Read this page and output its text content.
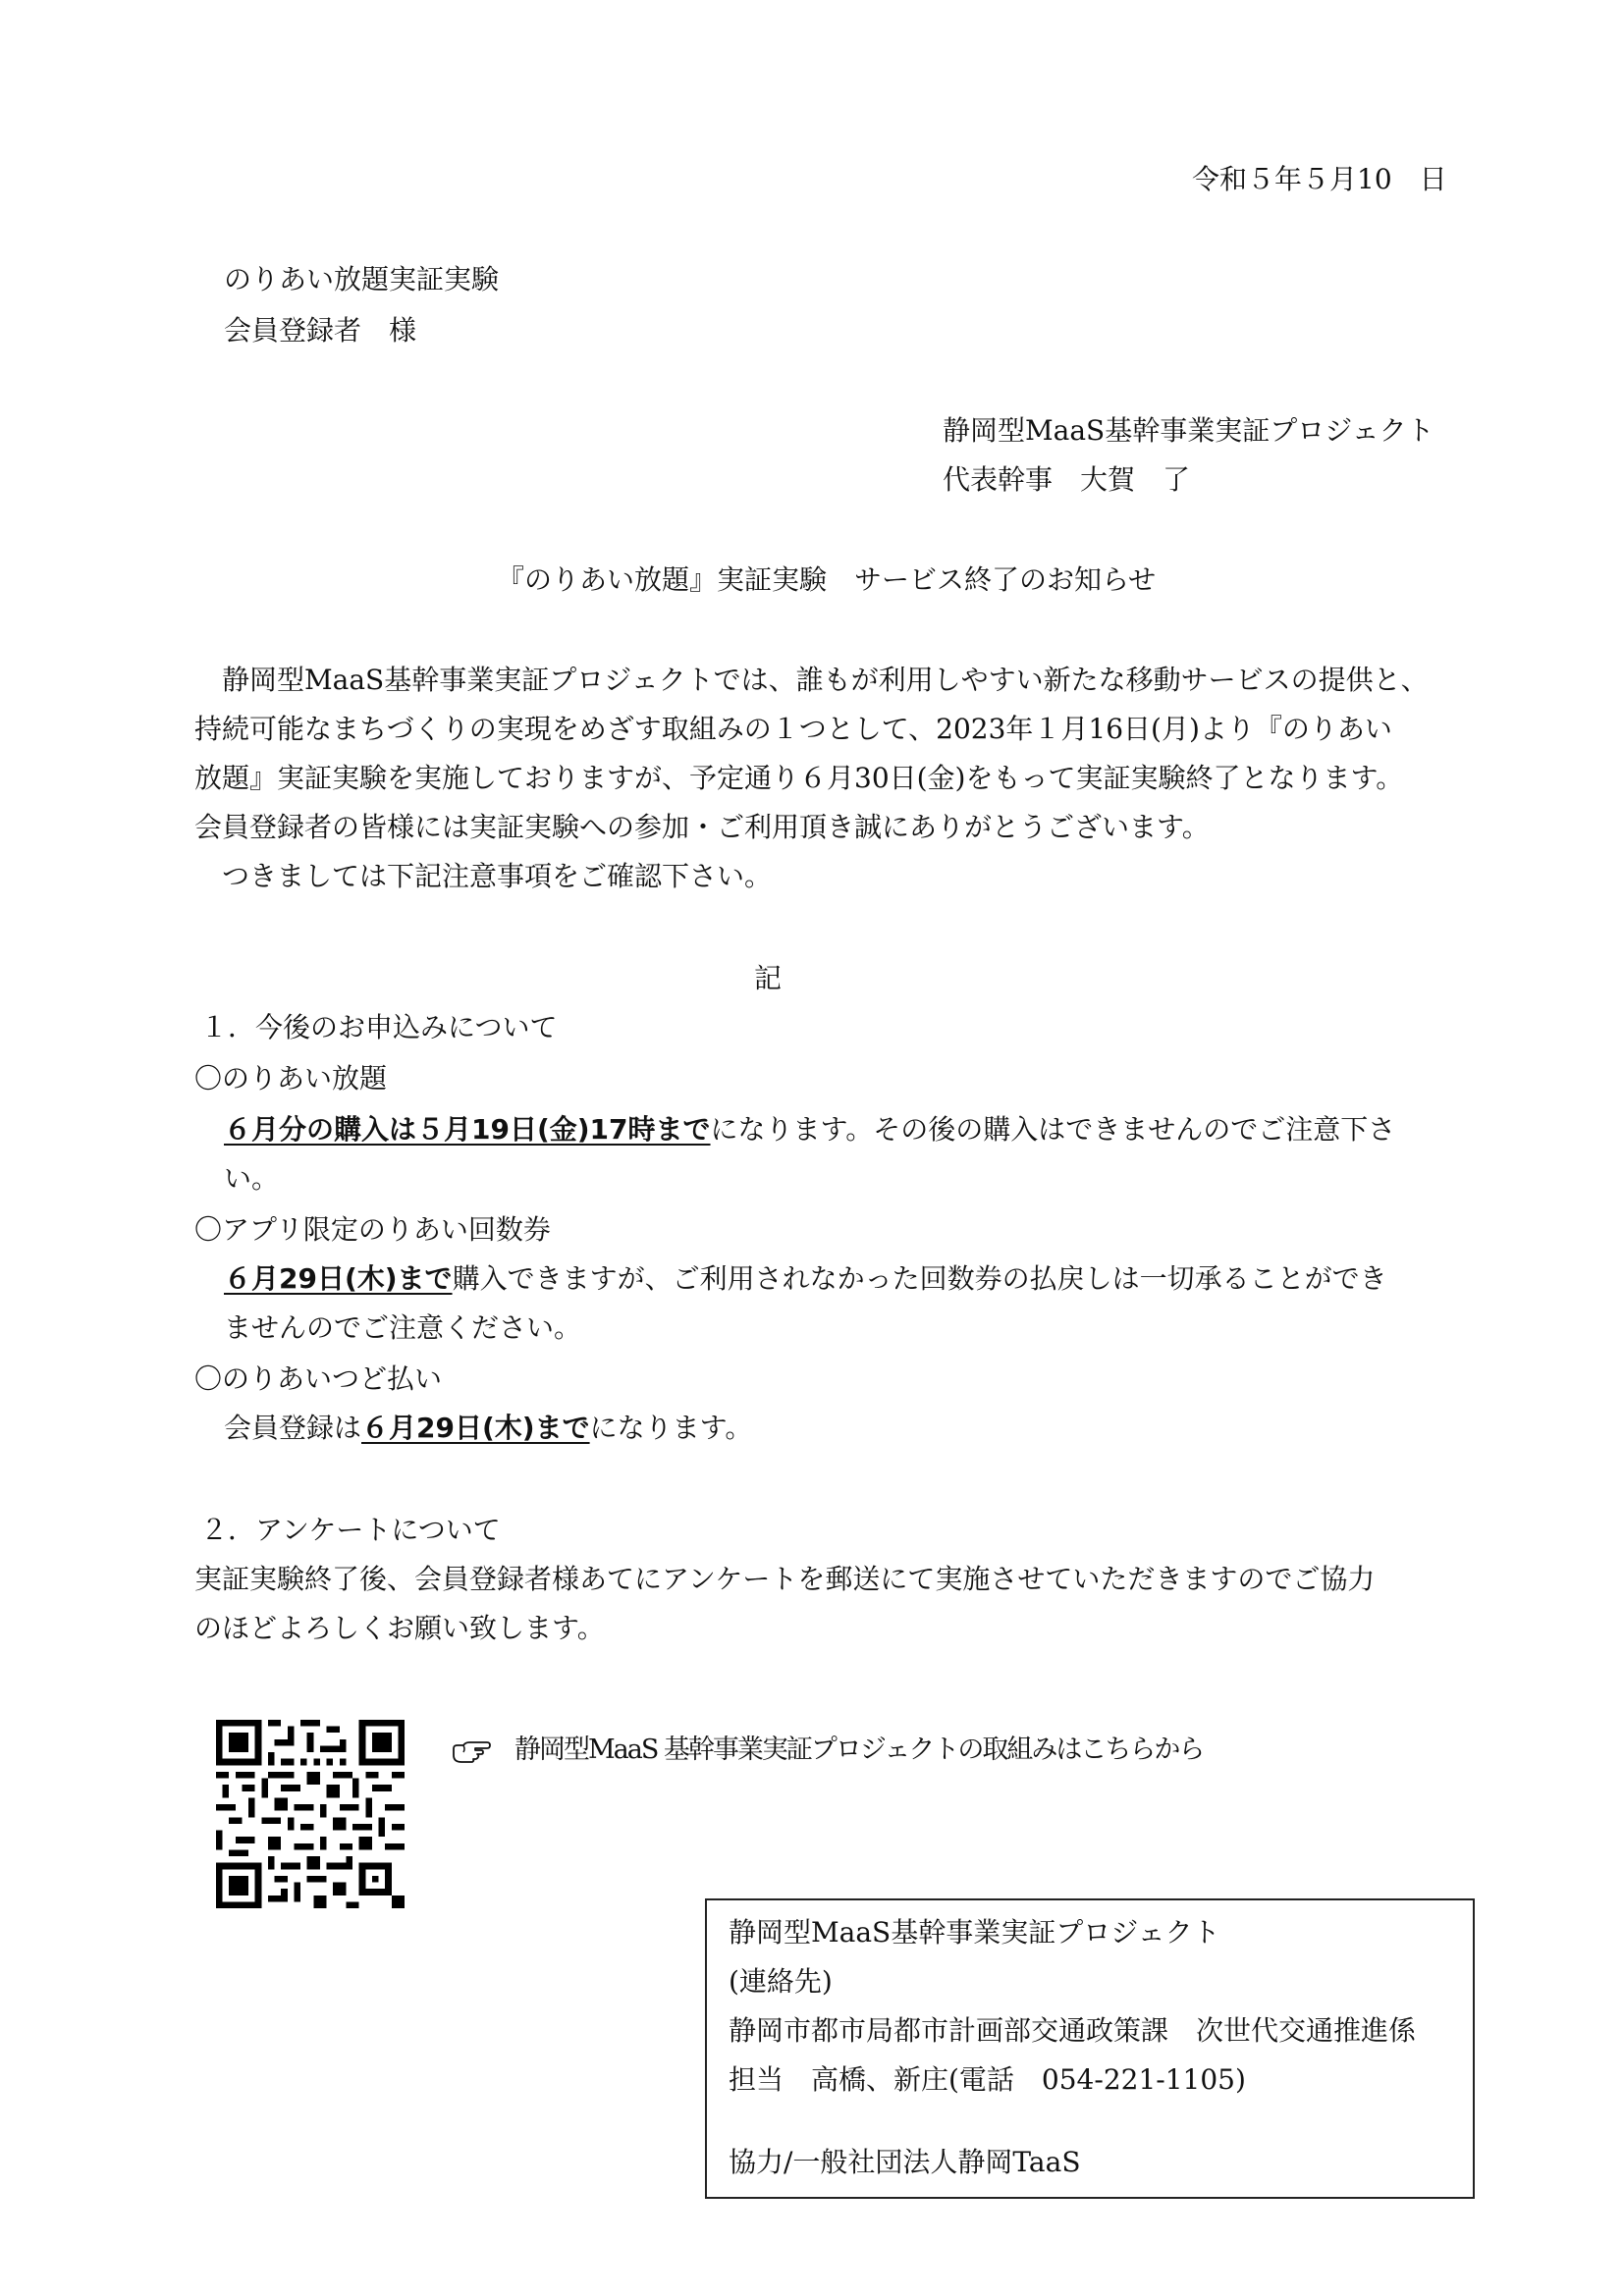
令和５年５月10　日
のりあい放題実証実験
会員登録者　様
静岡型MaaS基幹事業実証プロジェクト
代表幹事　大賀　了
『のりあい放題』実証実験　サービス終了のお知らせ
　静岡型MaaS基幹事業実証プロジェクトでは、誰もが利用しやすい新たな移動サービスの提供と、
持続可能なまちづくりの実現をめざす取組みの１つとして、2023年１月16日(月)より『のりあい
放題』実証実験を実施しておりますが、予定通り６月30日(金)をもって実証実験終了となります。
会員登録者の皆様には実証実験への参加・ご利用頂き誠にありがとうございます。
　つきましては下記注意事項をご確認下さい。
記
１．今後のお申込みについて
〇のりあい放題
６月分の購入は５月19日(金)17時までになります。その後の購入はできませんのでご注意下さ
い。
〇アプリ限定のりあい回数券
６月29日(木)まで購入できますが、ご利用されなかった回数券の払戻しは一切承ることができ
ませんのでご注意ください。
〇のりあいつど払い
会員登録は６月29日(木)までになります。
２．アンケートについて
実証実験終了後、会員登録者様あてにアンケートを郵送にて実施させていただきますのでご協力
のほどよろしくお願い致します。
静岡型MaaS 基幹事業実証プロジェクトの取組みはこちらから
静岡型MaaS基幹事業実証プロジェクト
(連絡先)
静岡市都市局都市計画部交通政策課　次世代交通推進係
担当　高橋、新庄(電話　054-221-1105)
協力/一般社団法人静岡TaaS
